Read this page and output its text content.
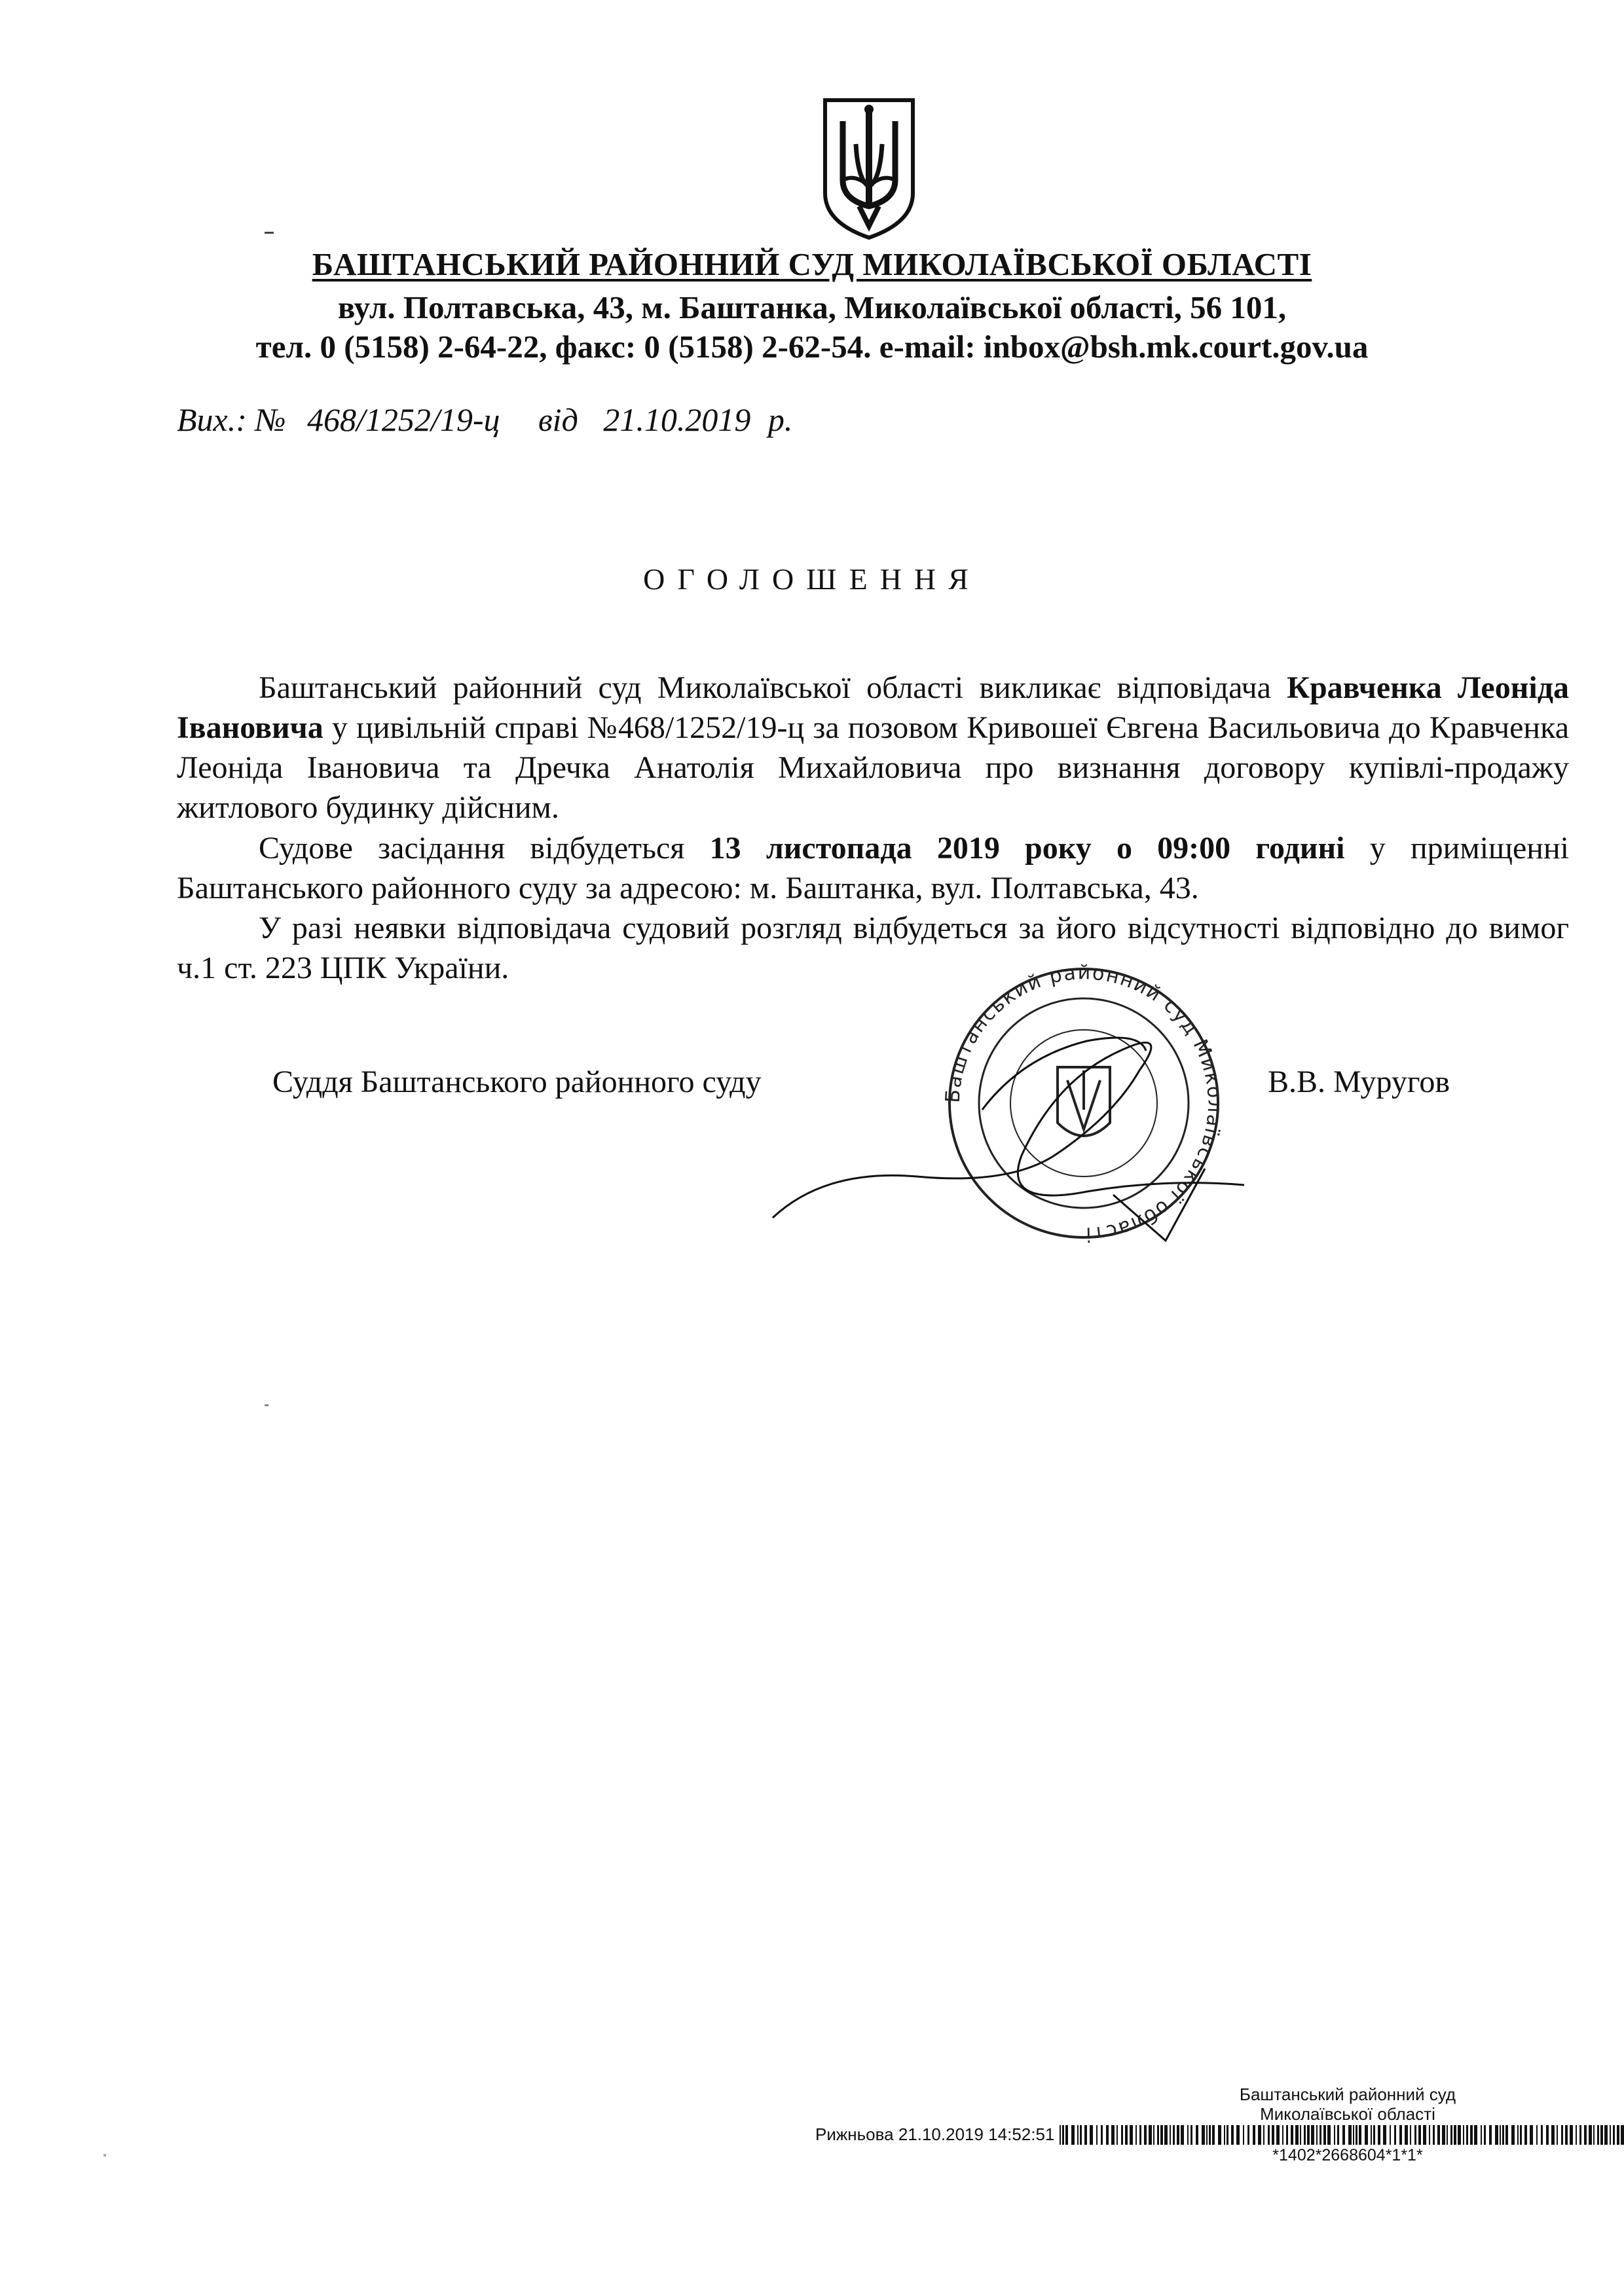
БАШТАНСЬКИЙ РАЙОННИЙ СУД МИКОЛАЇВСЬКОЇ ОБЛАСТІ
вул. Полтавська, 43, м. Баштанка, Миколаївської області, 56 101,
тел. 0 (5158) 2-64-22, факс: 0 (5158) 2-62-54. e-mail: inbox@bsh.mk.court.gov.ua
Вих.: № 468/1252/19-ц від 21.10.2019 р.
ОГОЛОШЕННЯ

Баштанський районний суд Миколаївської області викликає відповідача Кравченка Леоніда Івановича у цивільній справі №468/1252/19-ц за позовом Кривошеї Євгена Васильовича до Кравченка Леоніда Івановича та Дречка Анатолія Михайловича про визнання договору купівлі-продажу житлового будинку дійсним.

Судове засідання відбудеться 13 листопада 2019 року о 09:00 годині у приміщенні Баштанського районного суду за адресою: м. Баштанка, вул. Полтавська, 43.

У разі неявки відповідача судовий розгляд відбудеться за його відсутності відповідно до вимог ч.1 ст. 223 ЦПК України.

Суддя Баштанського районного суду	В.В. Муругов
Баштанський районний суд Миколаївської області
Баштанський районний суд
Миколаївської області
Рижньова 21.10.2019 14:52:51
*1402*2668604*1*1*
